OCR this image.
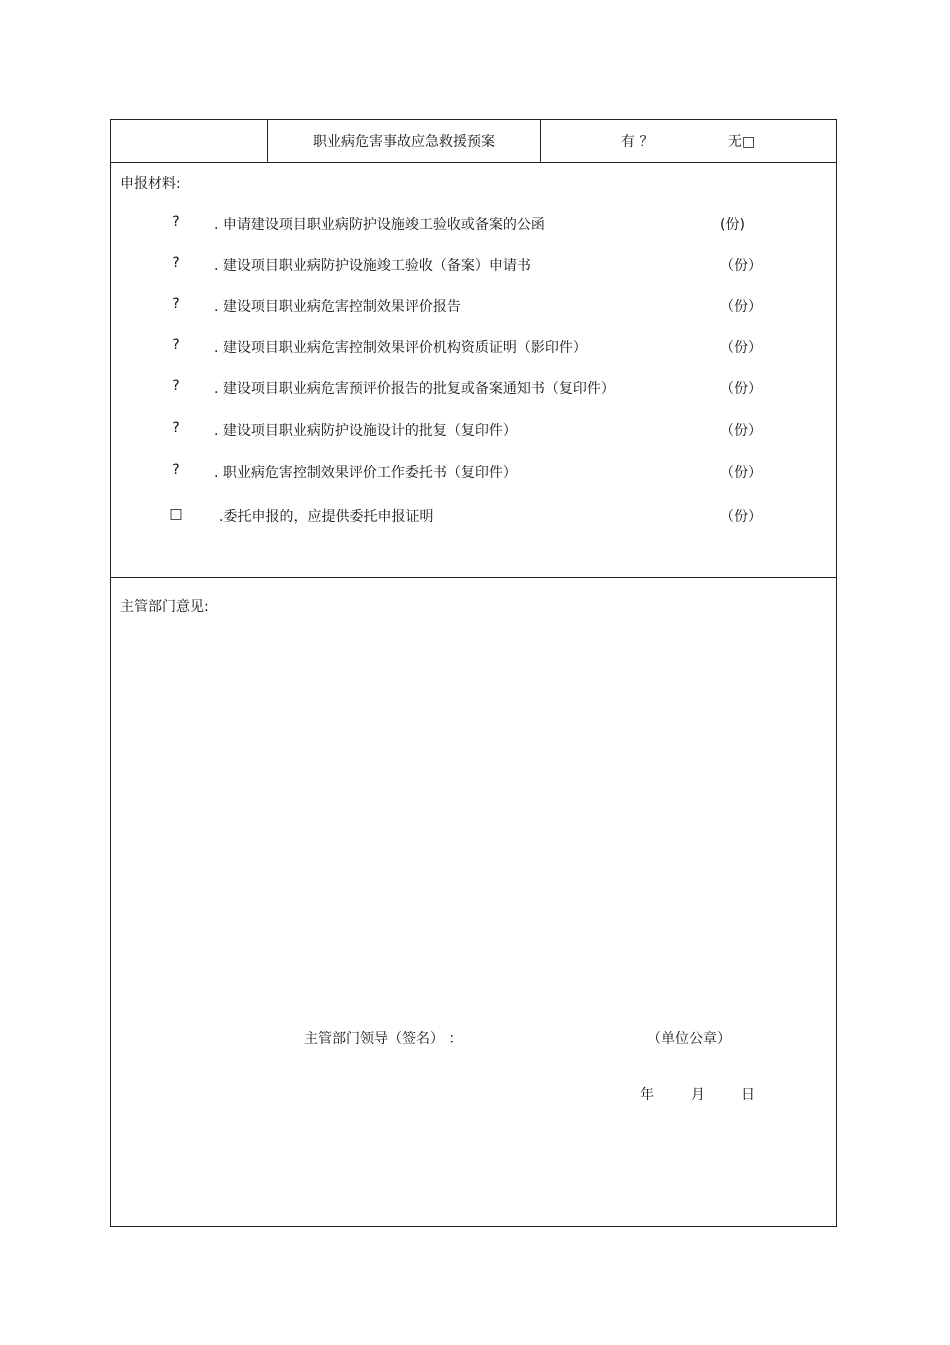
职业病危害事故应急救援预案	有 ？	无□
申报材料:
? . 申请建设项目职业病防护设施竣工验收或备案的公函	(份)
? . 建设项目职业病防护设施竣工验收（备案）申请书	（份）
? . 建设项目职业病危害控制效果评价报告	（份）
? . 建设项目职业病危害控制效果评价机构资质证明（影印件）	（份）
? . 建设项目职业病危害预评价报告的批复或备案通知书（复印件）	（份）
? . 建设项目职业病防护设施设计的批复（复印件）	（份）
? . 职业病危害控制效果评价工作委托书（复印件）	（份）
□	.委托申报的，应提供委托申报证明	（份）
主管部门意见:
主管部门领导（签名） ：	（单位公章）
年	月	日
